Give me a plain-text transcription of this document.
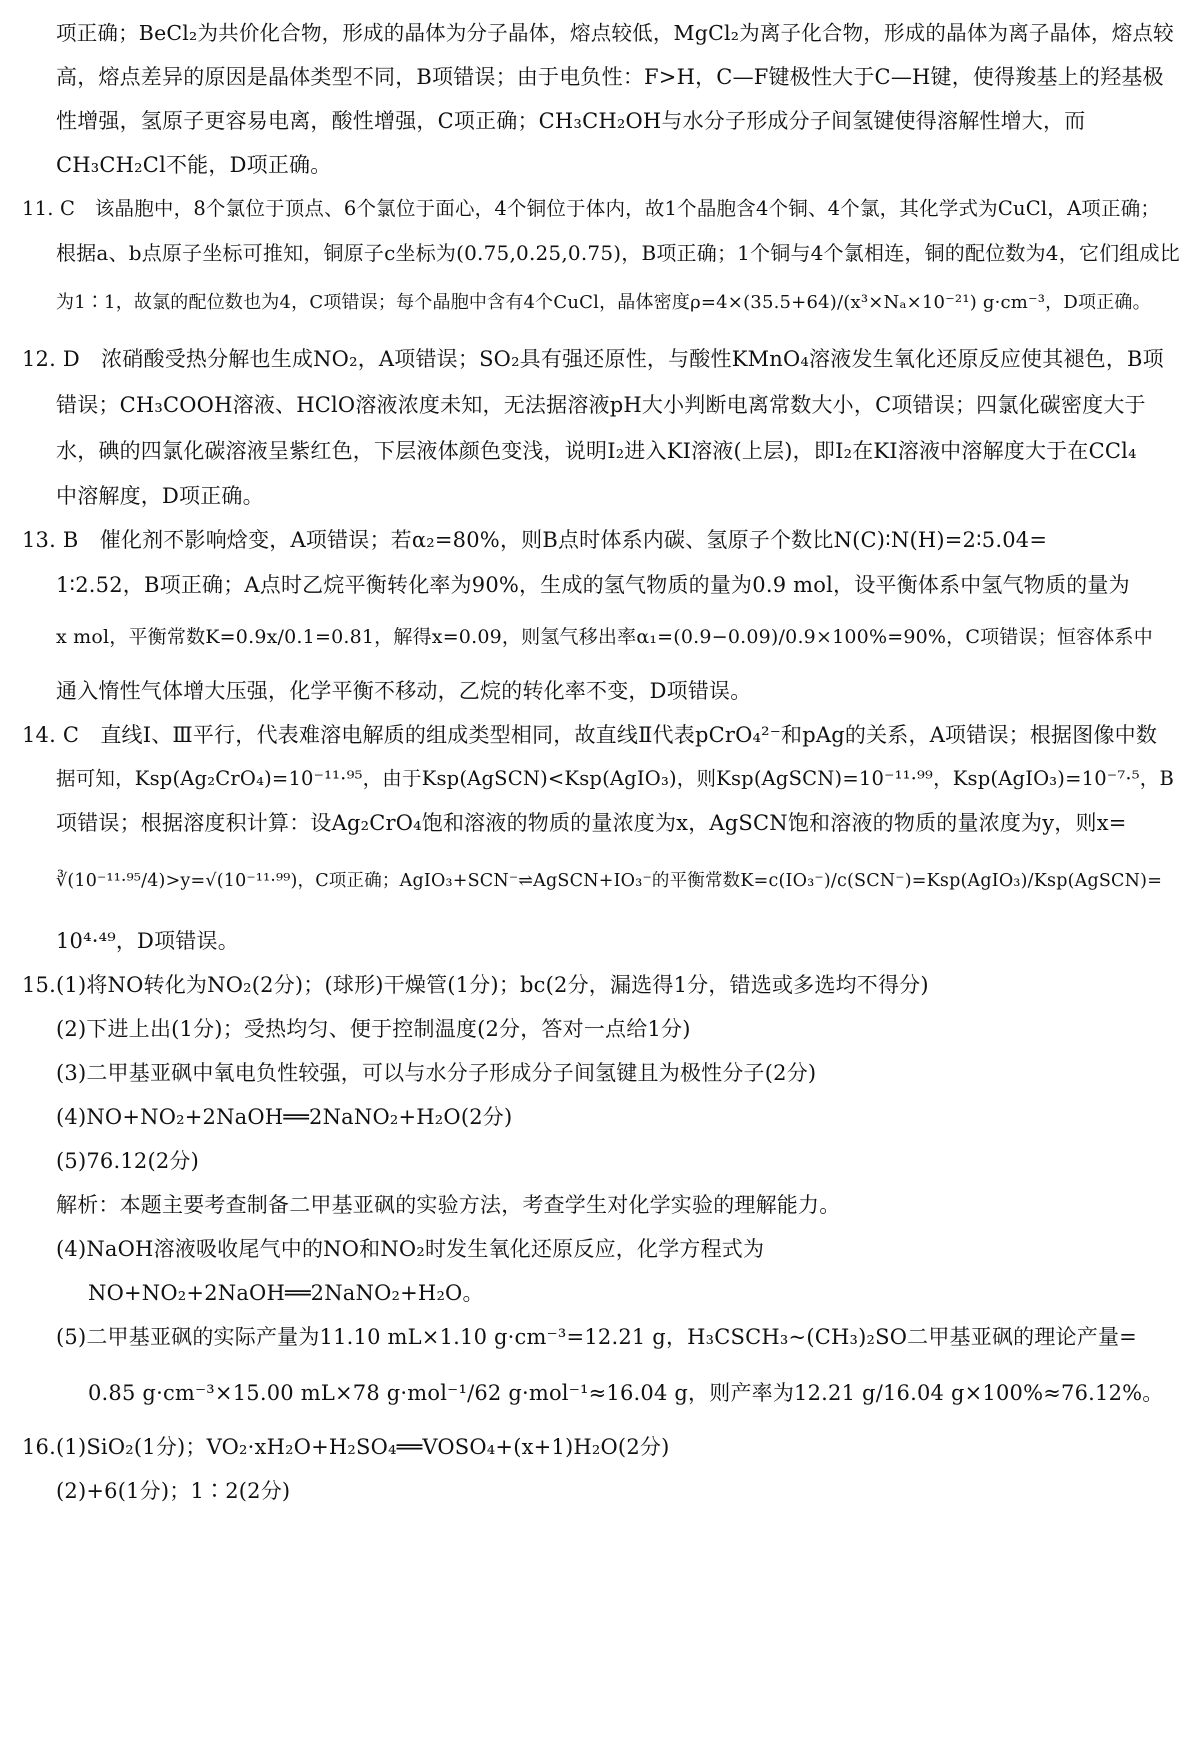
项正确；BeCl₂为共价化合物，形成的晶体为分子晶体，熔点较低，MgCl₂为离子化合物，形成的晶体为离子晶体，熔点较
高，熔点差异的原因是晶体类型不同，B项错误；由于电负性：F>H，C—F键极性大于C—H键，使得羧基上的羟基极
性增强，氢原子更容易电离，酸性增强，C项正确；CH₃CH₂OH与水分子形成分子间氢键使得溶解性增大，而
CH₃CH₂Cl不能，D项正确。
11. C　该晶胞中，8个氯位于顶点、6个氯位于面心，4个铜位于体内，故1个晶胞含4个铜、4个氯，其化学式为CuCl，A项正确；
根据a、b点原子坐标可推知，铜原子c坐标为(0.75,0.25,0.75)，B项正确；1个铜与4个氯相连，铜的配位数为4，它们组成比
为1∶1，故氯的配位数也为4，C项错误；每个晶胞中含有4个CuCl，晶体密度ρ=4×(35.5+64)/(x³×Nₐ×10⁻²¹) g·cm⁻³，D项正确。
12. D　浓硝酸受热分解也生成NO₂，A项错误；SO₂具有强还原性，与酸性KMnO₄溶液发生氧化还原反应使其褪色，B项
错误；CH₃COOH溶液、HClO溶液浓度未知，无法据溶液pH大小判断电离常数大小，C项错误；四氯化碳密度大于
水，碘的四氯化碳溶液呈紫红色，下层液体颜色变浅，说明I₂进入KI溶液(上层)，即I₂在KI溶液中溶解度大于在CCl₄
中溶解度，D项正确。
13. B　催化剂不影响焓变，A项错误；若α₂=80%，则B点时体系内碳、氢原子个数比N(C)∶N(H)=2∶5.04=
1∶2.52，B项正确；A点时乙烷平衡转化率为90%，生成的氢气物质的量为0.9 mol，设平衡体系中氢气物质的量为
x mol，平衡常数K=0.9x/0.1=0.81，解得x=0.09，则氢气移出率α₁=(0.9−0.09)/0.9×100%=90%，C项错误；恒容体系中
通入惰性气体增大压强，化学平衡不移动，乙烷的转化率不变，D项错误。
14. C　直线Ⅰ、Ⅲ平行，代表难溶电解质的组成类型相同，故直线Ⅱ代表pCrO₄²⁻和pAg的关系，A项错误；根据图像中数
据可知，Ksp(Ag₂CrO₄)=10⁻¹¹·⁹⁵，由于Ksp(AgSCN)<Ksp(AgIO₃)，则Ksp(AgSCN)=10⁻¹¹·⁹⁹，Ksp(AgIO₃)=10⁻⁷·⁵，B
项错误；根据溶度积计算：设Ag₂CrO₄饱和溶液的物质的量浓度为x，AgSCN饱和溶液的物质的量浓度为y，则x=
∛(10⁻¹¹·⁹⁵/4)>y=√(10⁻¹¹·⁹⁹)，C项正确；AgIO₃+SCN⁻⇌AgSCN+IO₃⁻的平衡常数K=c(IO₃⁻)/c(SCN⁻)=Ksp(AgIO₃)/Ksp(AgSCN)=
10⁴·⁴⁹，D项错误。
15.(1)将NO转化为NO₂(2分)；(球形)干燥管(1分)；bc(2分，漏选得1分，错选或多选均不得分)
(2)下进上出(1分)；受热均匀、便于控制温度(2分，答对一点给1分)
(3)二甲基亚砜中氧电负性较强，可以与水分子形成分子间氢键且为极性分子(2分)
(4)NO+NO₂+2NaOH══2NaNO₂+H₂O(2分)
(5)76.12(2分)
解析：本题主要考查制备二甲基亚砜的实验方法，考查学生对化学实验的理解能力。
(4)NaOH溶液吸收尾气中的NO和NO₂时发生氧化还原反应，化学方程式为
NO+NO₂+2NaOH══2NaNO₂+H₂O。
(5)二甲基亚砜的实际产量为11.10 mL×1.10 g·cm⁻³=12.21 g，H₃CSCH₃~(CH₃)₂SO二甲基亚砜的理论产量=
0.85 g·cm⁻³×15.00 mL×78 g·mol⁻¹/62 g·mol⁻¹≈16.04 g，则产率为12.21 g/16.04 g×100%≈76.12%。
16.(1)SiO₂(1分)；VO₂·xH₂O+H₂SO₄══VOSO₄+(x+1)H₂O(2分)
(2)+6(1分)；1∶2(2分)
